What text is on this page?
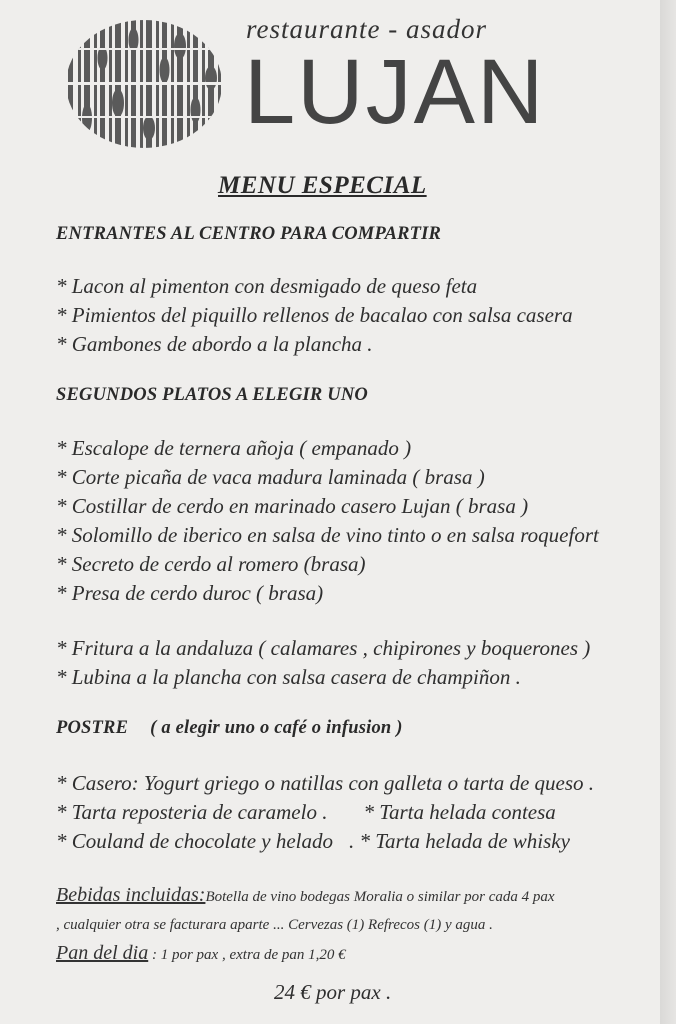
restaurante - asador
LUJAN
MENU ESPECIAL
ENTRANTES AL CENTRO PARA COMPARTIR
* Lacon al pimenton con desmigado de queso feta
* Pimientos del piquillo rellenos de bacalao con salsa casera
* Gambones de abordo a la plancha .
SEGUNDOS PLATOS A ELEGIR UNO
* Escalope de ternera añoja ( empanado )
* Corte picaña de vaca madura laminada ( brasa )
* Costillar de cerdo en marinado casero Lujan ( brasa )
* Solomillo de iberico en salsa de vino tinto o en salsa roquefort
* Secreto de cerdo al romero (brasa)
* Presa de cerdo duroc ( brasa)
* Fritura a la andaluza ( calamares , chipirones y boquerones )
* Lubina a la plancha con salsa casera de champiñon .
POSTRE ( a elegir uno o café o infusion )
* Casero: Yogurt griego o natillas con galleta o tarta de queso .
* Tarta reposteria de caramelo . * Tarta helada contesa
* Couland de chocolate y helado . * Tarta helada de whisky
Bebidas incluidas:Botella de vino bodegas Moralia o similar por cada 4 pax
, cualquier otra se facturara aparte ... Cervezas (1) Refrecos (1) y agua .
Pan del dia : 1 por pax , extra de pan 1,20 €
24 € por pax .
